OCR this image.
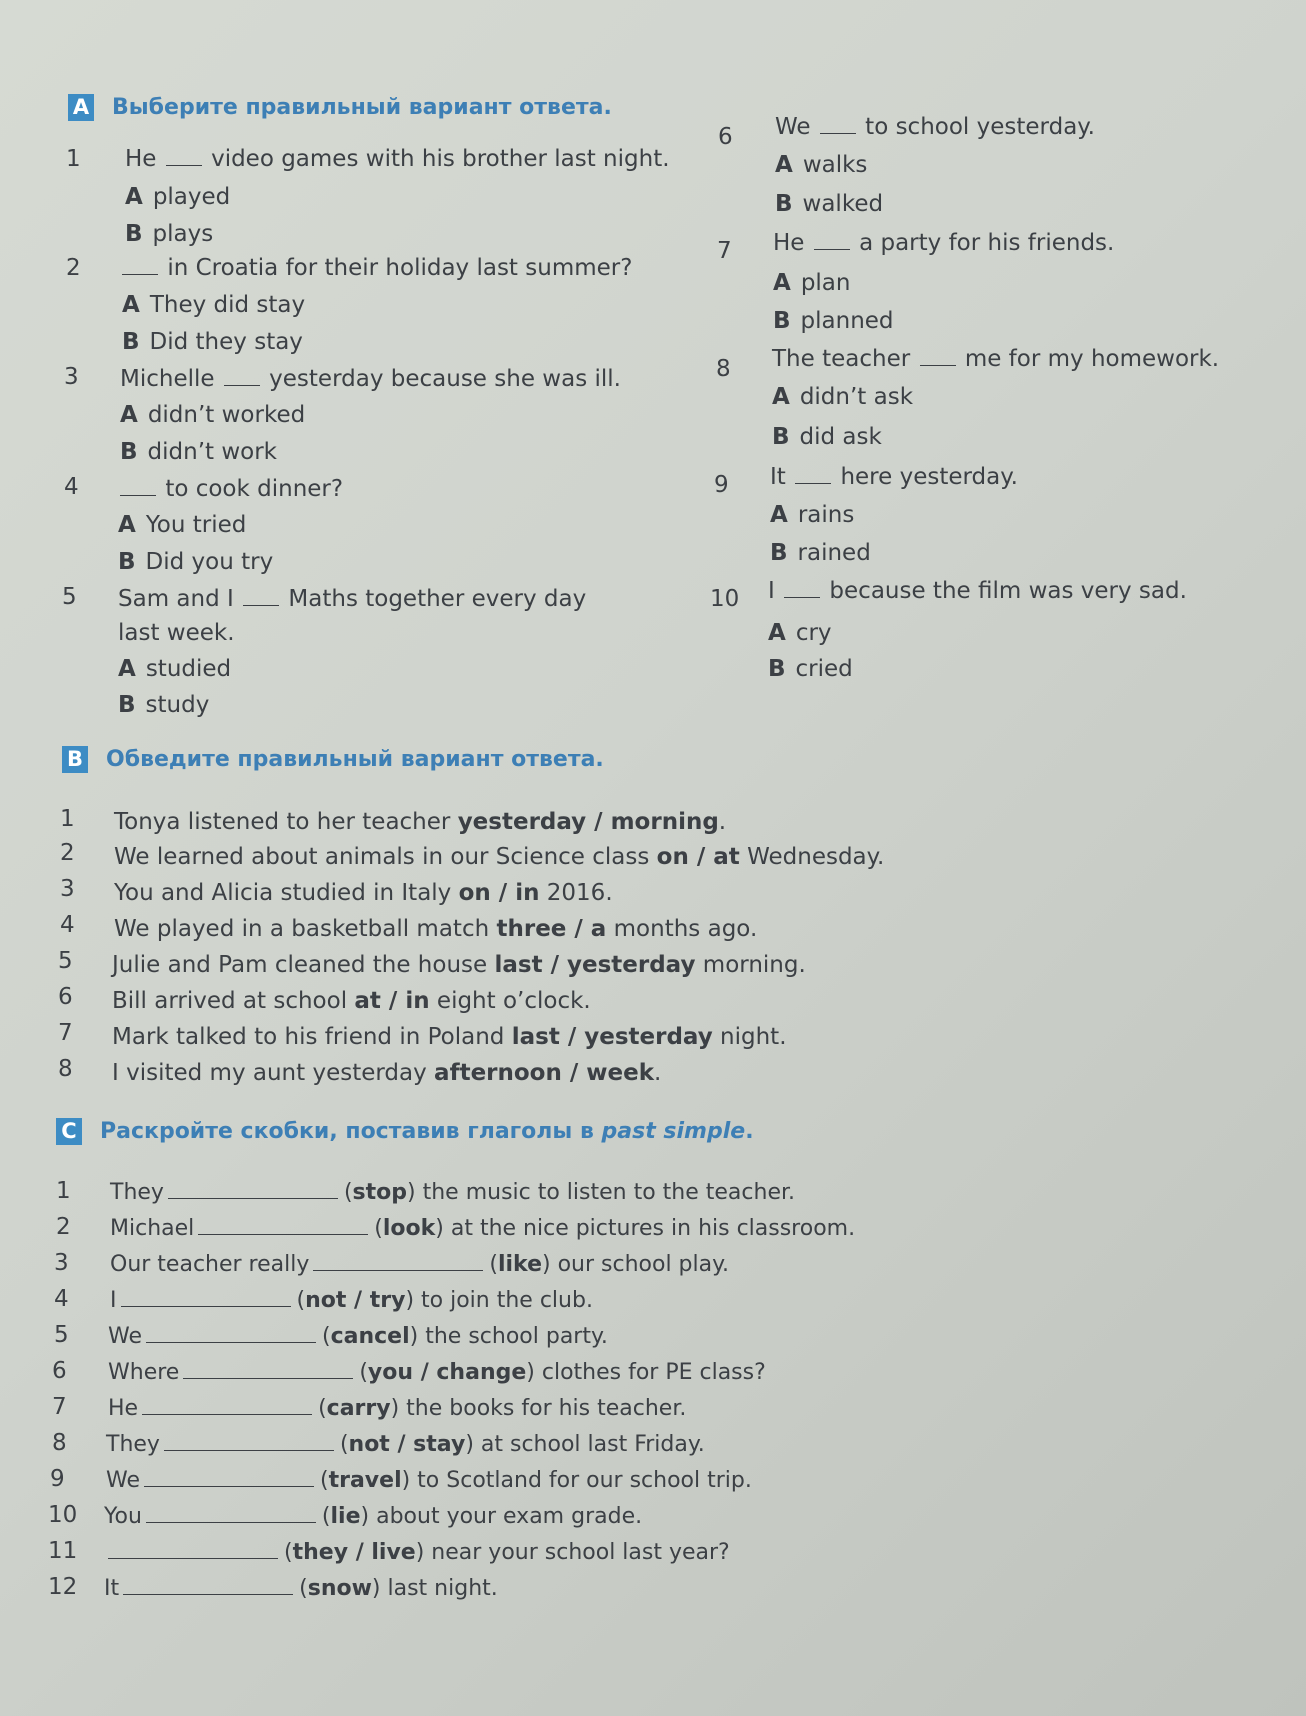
A Выберите правильный вариант ответа.
1 He video games with his brother last night.
A played
B plays
2	in Croatia for their holiday last summer?
A They did stay
B Did they stay
3 Michelle yesterday because she was ill.
A didn’t worked
B didn’t work
4	to cook dinner?
A You tried
B Did you try
5 Sam and I Maths together every day
last week.
A studied
B study
6 We to school yesterday.
A walks
B walked
7 He a party for his friends.
A plan
B planned
8 The teacher me for my homework.
A didn’t ask
B did ask
9 It here yesterday.
A rains
B rained
10 I because the film was very sad.
A cry
B cried
B Обведите правильный вариант ответа.
1 Tonya listened to her teacher yesterday / morning.
2 We learned about animals in our Science class on / at Wednesday.
3 You and Alicia studied in Italy on / in 2016.
4 We played in a basketball match three / a months ago.
5 Julie and Pam cleaned the house last / yesterday morning.
6 Bill arrived at school at / in eight o’clock.
7 Mark talked to his friend in Poland last / yesterday night.
8 I visited my aunt yesterday afternoon / week.
C Раскройте скобки, поставив глаголы в past simple.
1 They	(stop) the music to listen to the teacher.
2 Michael	(look) at the nice pictures in his classroom.
3 Our teacher really	(like) our school play.
4 I	(not / try) to join the club.
5 We	(cancel) the school party.
6 Where	(you / change) clothes for PE class?
7 He	(carry) the books for his teacher.
8 They	(not / stay) at school last Friday.
9 We	(travel) to Scotland for our school trip.
10 You	(lie) about your exam grade.
11	(they / live) near your school last year?
12 It	(snow) last night.
